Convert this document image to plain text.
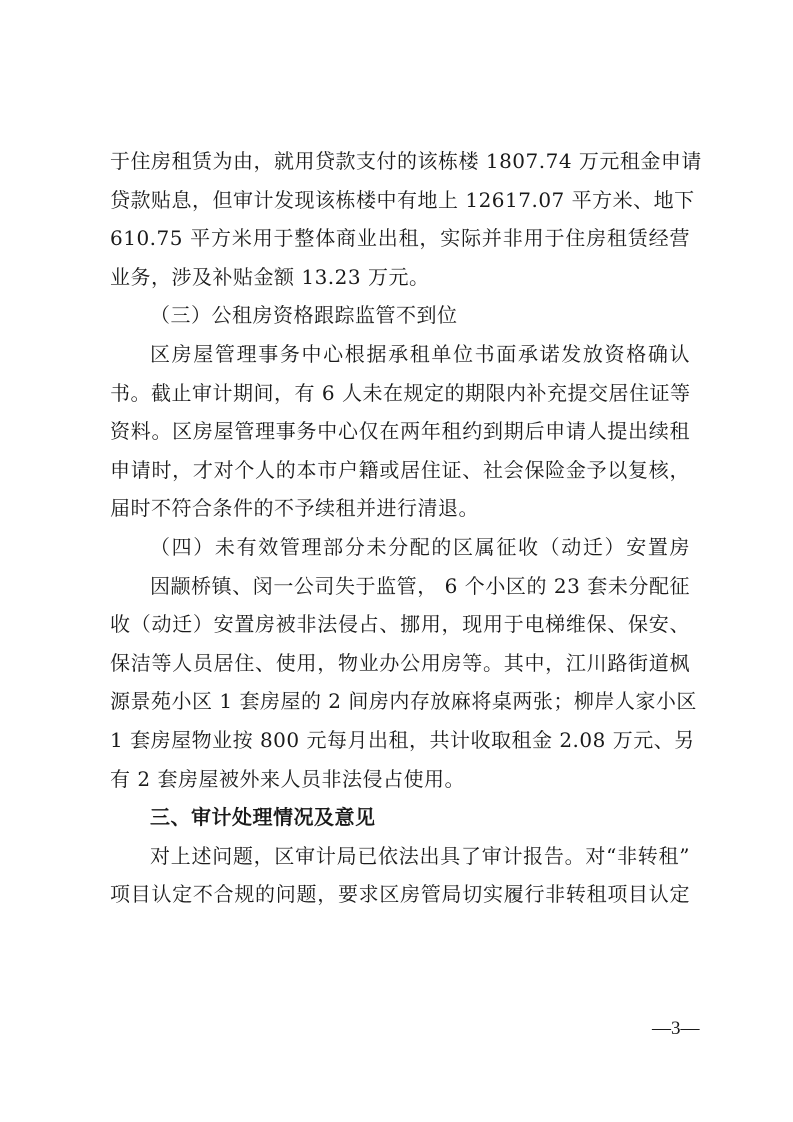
于住房租赁为由，就用贷款支付的该栋楼 1807.74 万元租金申请
贷款贴息，但审计发现该栋楼中有地上 12617.07 平方米、地下
610.75 平方米用于整体商业出租，实际并非用于住房租赁经营
业务，涉及补贴金额 13.23 万元。
（三）公租房资格跟踪监管不到位
区房屋管理事务中心根据承租单位书面承诺发放资格确认
书。截止审计期间，有 6 人未在规定的期限内补充提交居住证等
资料。区房屋管理事务中心仅在两年租约到期后申请人提出续租
申请时，才对个人的本市户籍或居住证、社会保险金予以复核，
届时不符合条件的不予续租并进行清退。
（四）未有效管理部分未分配的区属征收（动迁）安置房
因颛桥镇、闵一公司失于监管， 6 个小区的 23 套未分配征
收（动迁）安置房被非法侵占、挪用，现用于电梯维保、保安、
保洁等人员居住、使用，物业办公用房等。其中，江川路街道枫
源景苑小区 1 套房屋的 2 间房内存放麻将桌两张；柳岸人家小区
1 套房屋物业按 800 元每月出租，共计收取租金 2.08 万元、另
有 2 套房屋被外来人员非法侵占使用。
三、审计处理情况及意见
对上述问题，区审计局已依法出具了审计报告。对“非转租”
项目认定不合规的问题，要求区房管局切实履行非转租项目认定
—3—
